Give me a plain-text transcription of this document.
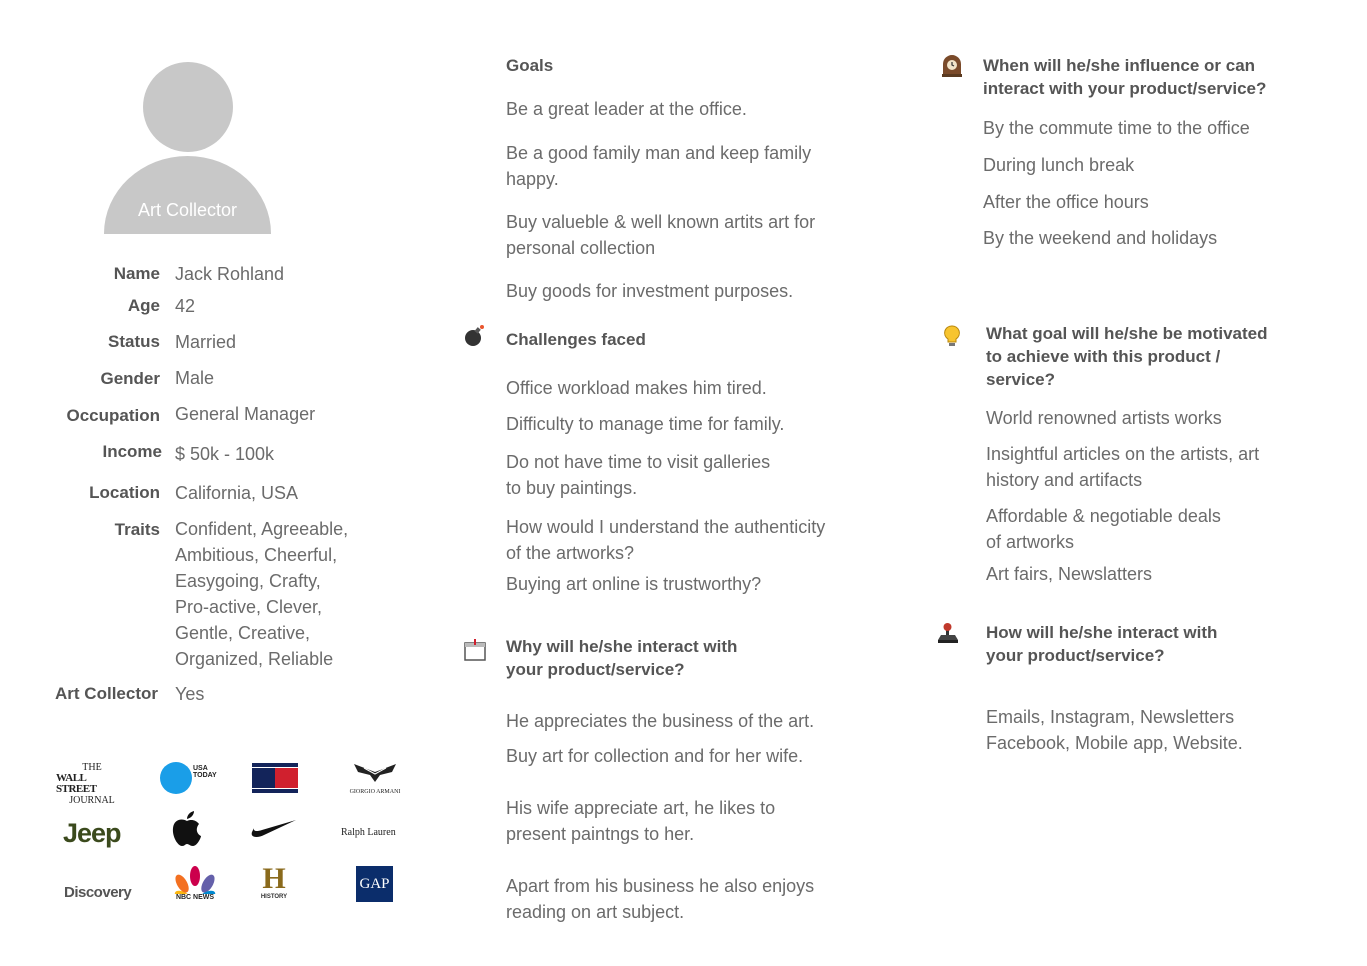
Art Collector
Name Jack Rohland
Age 42
Status Married
Gender Male
Occupation General Manager
Income $ 50k - 100k
Location California, USA
Traits Confident, Agreeable,
Ambitious, Cheerful,
Easygoing, Crafty,
Pro-active, Clever,
Gentle, Creative,
Organized, Reliable
Art Collector Yes
THE
WALL STREET
JOURNAL
USA
TODAY
GIORGIO ARMANI
Jeep	Ralph Lauren
Discovery	NBC NEWS
H
HISTORY
GAP
Goals
Be a great leader at the office.
Be a good family man and keep family
happy.
Buy valueble & well known artits art for
personal collection
Buy goods for investment purposes.
Challenges faced
Office workload makes him tired.
Difficulty to manage time for family.
Do not have time to visit galleries
to buy paintings.
How would I understand the authenticity
of the artworks?
Buying art online is trustworthy?
Why will he/she interact with
your product/service?
He appreciates the business of the art.
Buy art for collection and for her wife.
His wife appreciate art, he likes to
present paintngs to her.
Apart from his business he also enjoys
reading on art subject.
When will he/she influence or can
interact with your product/service?
By the commute time to the office
During lunch break
After the office hours
By the weekend and holidays
What goal will he/she be motivated
to achieve with this product /
service?
World renowned artists works
Insightful articles on the artists, art
history and artifacts
Affordable & negotiable deals
of artworks
Art fairs, Newslatters
How will he/she interact with
your product/service?
Emails, Instagram, Newsletters
Facebook, Mobile app, Website.
